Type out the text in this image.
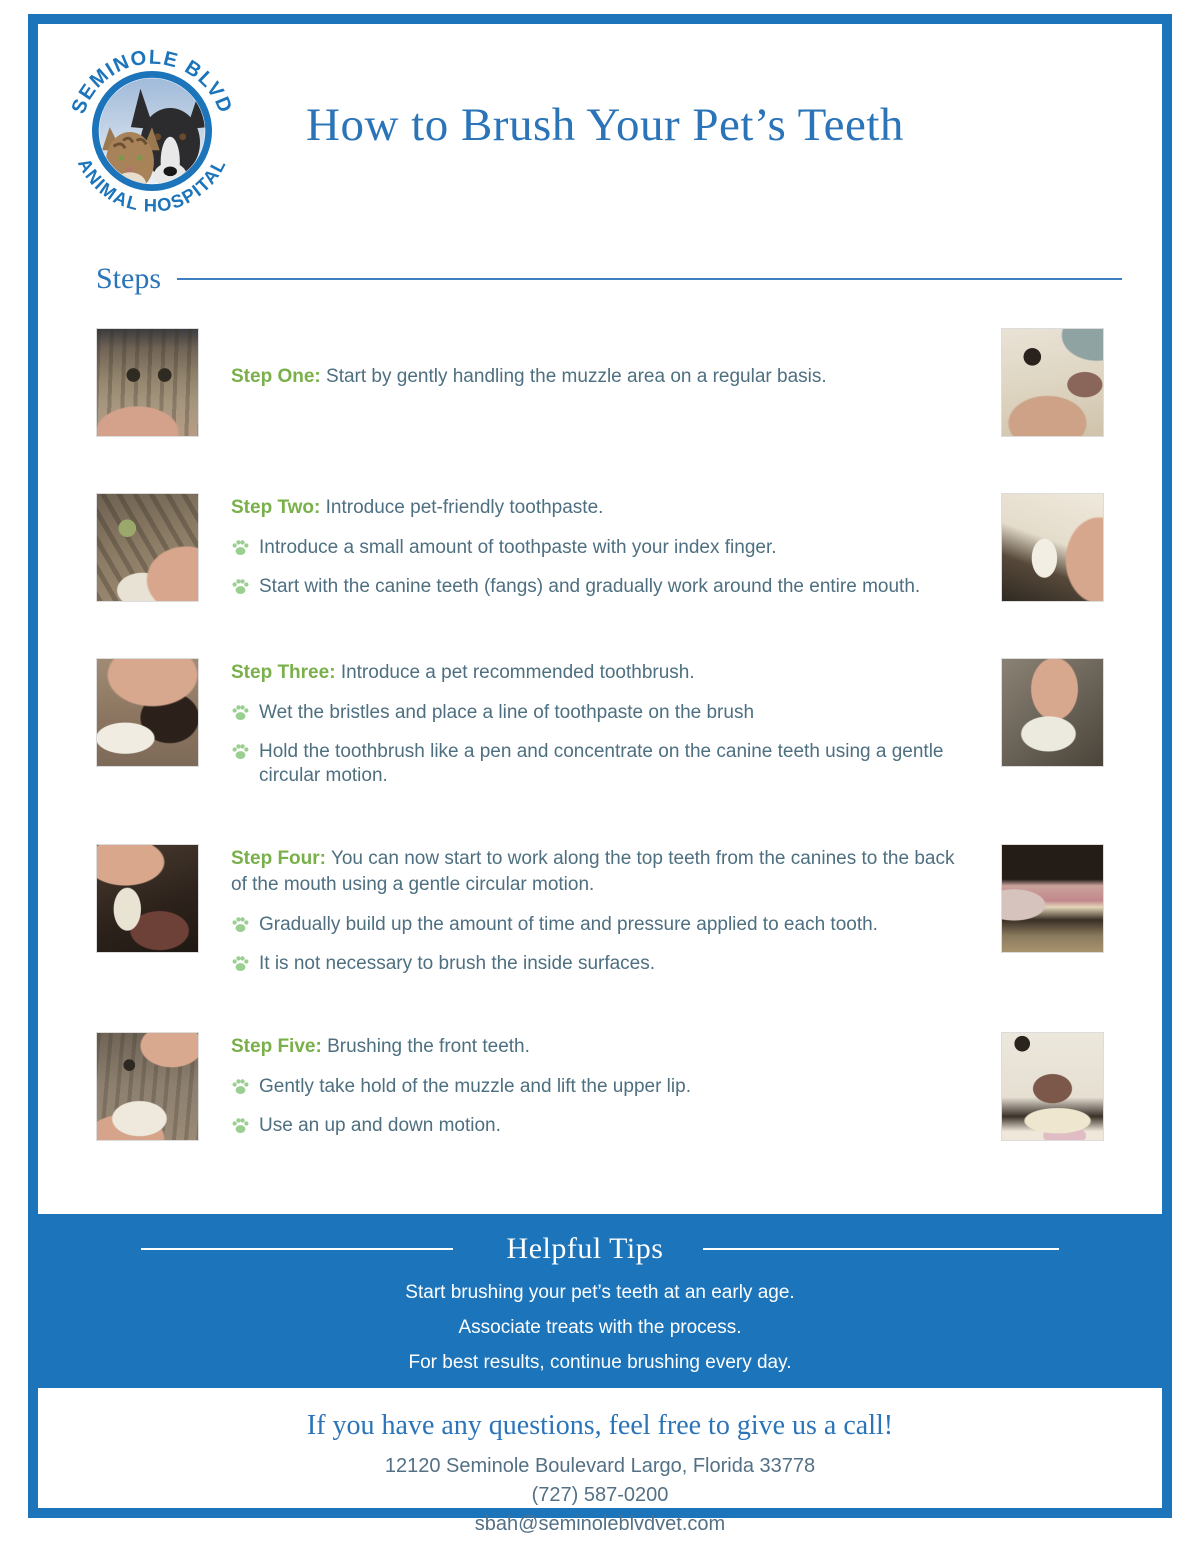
SEMINOLE BLVD
ANIMAL HOSPITAL
How to Brush Your Pet’s Teeth
Steps

Step One: Start by gently handling the muzzle area on a regular basis.

Step Two: Introduce pet-friendly toothpaste.

Introduce a small amount of toothpaste with your index finger.
Start with the canine teeth (fangs) and gradually work around the entire mouth.

Step Three: Introduce a pet recommended toothbrush.

Wet the bristles and place a line of toothpaste on the brush
Hold the toothbrush like a pen and concentrate on the canine teeth using a gentle circular motion.

Step Four: You can now start to work along the top teeth from the canines to the back of the mouth using a gentle circular motion.

Gradually build up the amount of time and pressure applied to each tooth.
It is not necessary to brush the inside surfaces.

Step Five: Brushing the front teeth.

Gently take hold of the muzzle and lift the upper lip.
Use an up and down motion.
Helpful Tips

Start brushing your pet’s teeth at an early age.

Associate treats with the process.

For best results, continue brushing every day.

If you have any questions, feel free to give us a call!

12120 Seminole Boulevard Largo, Florida 33778

(727) 587-0200

sbah@seminoleblvdvet.com
